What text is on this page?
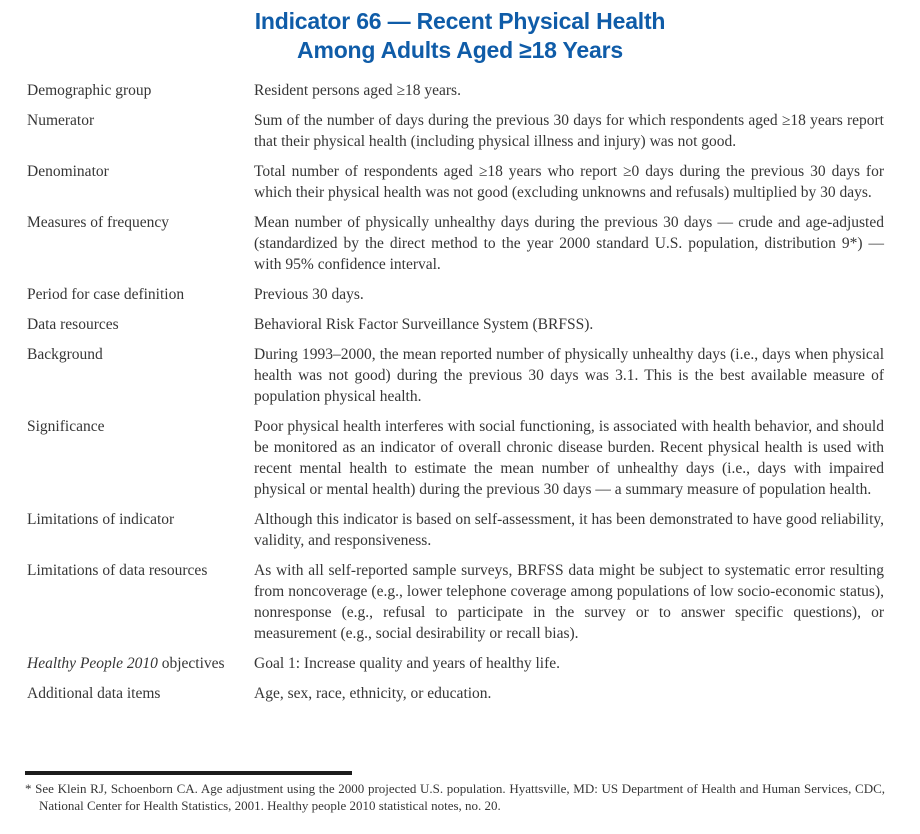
Indicator 66 — Recent Physical Health
Among Adults Aged ≥18 Years
Demographic group	Resident persons aged ≥18 years.
Numerator	Sum of the number of days during the previous 30 days for which respondents aged ≥18 years report that their physical health (including physical illness and injury) was not good.
Denominator	Total number of respondents aged ≥18 years who report ≥0 days during the previous 30 days for which their physical health was not good (excluding unknowns and refusals) multiplied by 30 days.
Measures of frequency	Mean number of physically unhealthy days during the previous 30 days — crude and age-adjusted (standardized by the direct method to the year 2000 standard U.S. population, distribution 9*) — with 95% confidence interval.
Period for case definition	Previous 30 days.
Data resources	Behavioral Risk Factor Surveillance System (BRFSS).
Background	During 1993–2000, the mean reported number of physically unhealthy days (i.e., days when physical health was not good) during the previous 30 days was 3.1. This is the best available measure of population physical health.
Significance	Poor physical health interferes with social functioning, is associated with health behavior, and should be monitored as an indicator of overall chronic disease burden. Recent physical health is used with recent mental health to estimate the mean number of unhealthy days (i.e., days with impaired physical or mental health) during the previous 30 days — a summary measure of population health.
Limitations of indicator	Although this indicator is based on self-assessment, it has been demonstrated to have good reliability, validity, and responsiveness.
Limitations of data resources	As with all self-reported sample surveys, BRFSS data might be subject to systematic error resulting from noncoverage (e.g., lower telephone coverage among populations of low socio-economic status), nonresponse (e.g., refusal to participate in the survey or to answer specific questions), or measurement (e.g., social desirability or recall bias).
Healthy People 2010 objectives	Goal 1: Increase quality and years of healthy life.
Additional data items	Age, sex, race, ethnicity, or education.
* See Klein RJ, Schoenborn CA. Age adjustment using the 2000 projected U.S. population. Hyattsville, MD: US Department of Health and Human Services, CDC, National Center for Health Statistics, 2001. Healthy people 2010 statistical notes, no. 20.
